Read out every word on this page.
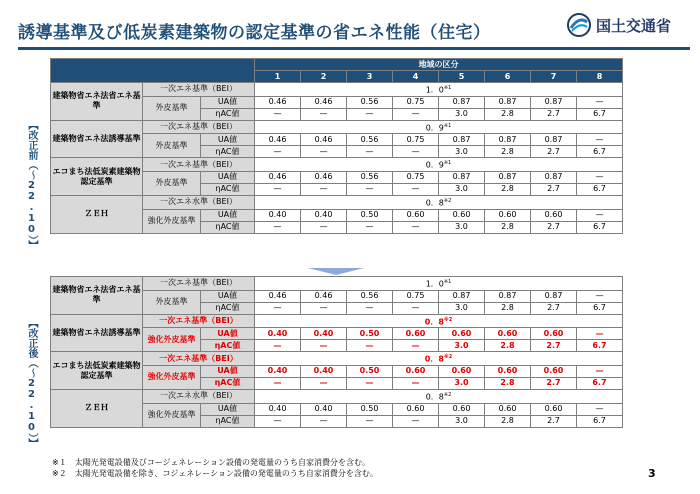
誘導基準及び低炭素建築物の認定基準の省エネ性能（住宅）	国土交通省
【改正前（〜22.10）】
【改正後（〜22.10）】
			地域の区分							
			1	2	3	4	5	6	7	8
建築物省エネ法省エネ基準	一次エネ基準（BEI）		1．0$^{※1}$
	外皮基準	UA値	0.46	0.46	0.56	0.75	0.87	0.87	0.87	—
		ηAC値	—	—	—	—	3.0	2.8	2.7	6.7
建築物省エネ法誘導基準	一次エネ基準（BEI）		0．9$^{※1}$
	外皮基準	UA値	0.46	0.46	0.56	0.75	0.87	0.87	0.87	—
		ηAC値	—	—	—	—	3.0	2.8	2.7	6.7
エコまち法低炭素建築物認定基準	一次エネ基準（BEI）		0．9$^{※1}$
	外皮基準	UA値	0.46	0.46	0.56	0.75	0.87	0.87	0.87	—
		ηAC値	—	—	—	—	3.0	2.8	2.7	6.7
ＺＥＨ	一次エネ水準（BEI）		0．8$^{※2}$
	強化外皮基準	UA値	0.40	0.40	0.50	0.60	0.60	0.60	0.60	—
		ηAC値	—	—	—	—	3.0	2.8	2.7	6.7
建築物省エネ法省エネ基準	一次エネ基準（BEI）		1．0$^{※1}$
	外皮基準	UA値	0.46	0.46	0.56	0.75	0.87	0.87	0.87	—
		ηAC値	—	—	—	—	3.0	2.8	2.7	6.7
建築物省エネ法誘導基準	一次エネ基準（BEI）		0．8$^{※2}$
	強化外皮基準	UA値	0.40	0.40	0.50	0.60	0.60	0.60	0.60	—
		ηAC値	—	—	—	—	3.0	2.8	2.7	6.7
エコまち法低炭素建築物認定基準	一次エネ基準（BEI）		0．8$^{※2}$
	強化外皮基準	UA値	0.40	0.40	0.50	0.60	0.60	0.60	0.60	—
		ηAC値	—	—	—	—	3.0	2.8	2.7	6.7
ＺＥＨ	一次エネ水準（BEI）		0．8$^{※2}$
	強化外皮基準	UA値	0.40	0.40	0.50	0.60	0.60	0.60	0.60	—
		ηAC値	—	—	—	—	3.0	2.8	2.7	6.7
※１　太陽光発電設備及びコージェネレーション設備の発電量のうち自家消費分を含む。
※２　太陽光発電設備を除き、コジェネレーション設備の発電量のうち自家消費分を含む。	3
